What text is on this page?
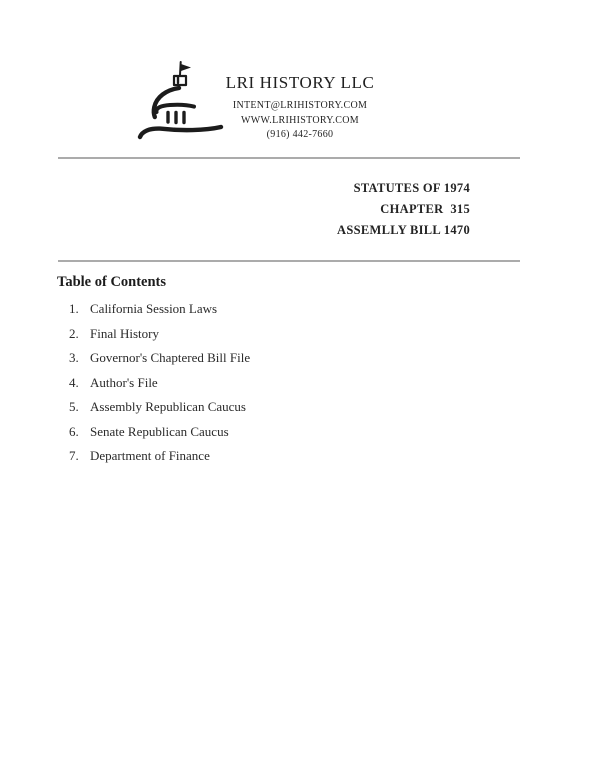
LRI HISTORY LLC
INTENT@LRIHISTORY.COM
WWW.LRIHISTORY.COM
(916) 442-7660
STATUTES OF 1974
CHAPTER  315
ASSEMLLY BILL 1470
Table of Contents
1. California Session Laws
2. Final History
3. Governor's Chaptered Bill File
4. Author's File
5. Assembly Republican Caucus
6. Senate Republican Caucus
7. Department of Finance
